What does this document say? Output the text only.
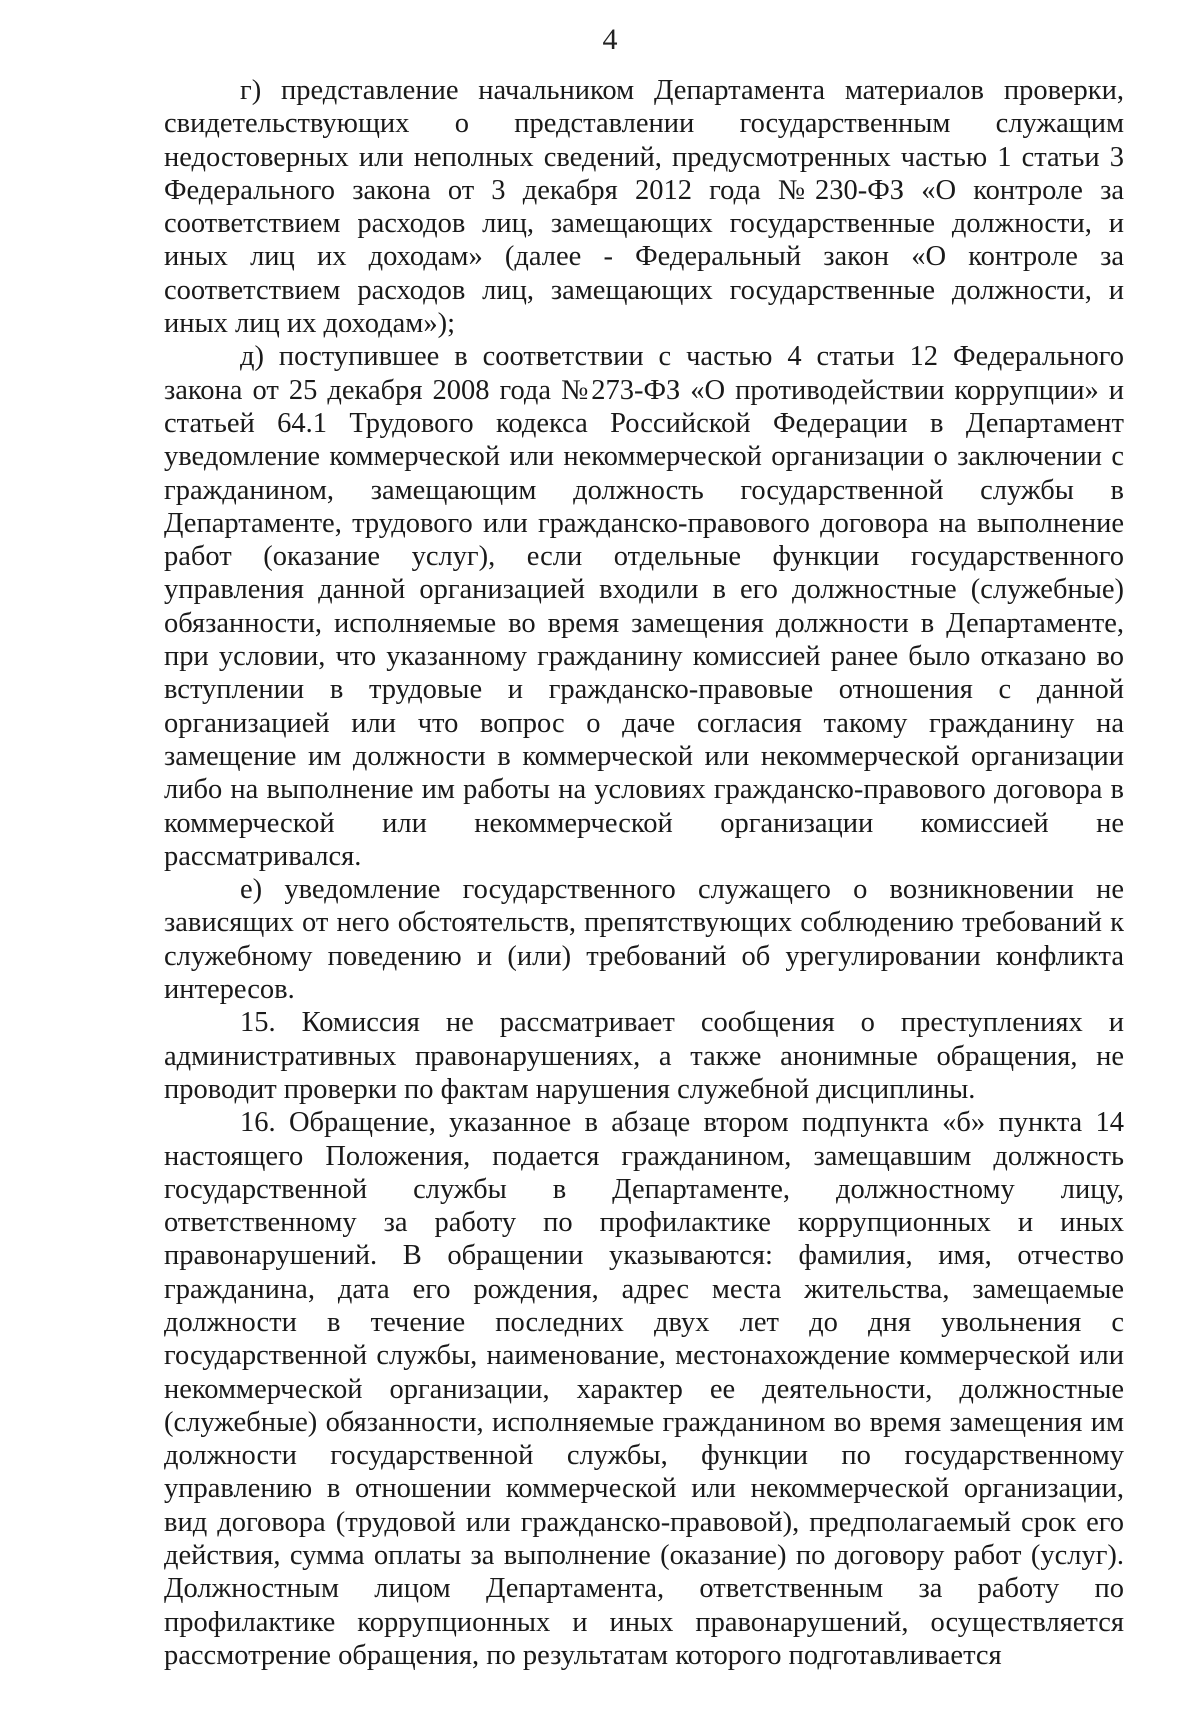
4

г) представление начальником Департамента материалов проверки, свидетельствующих о представлении государственным служащим недостоверных или неполных сведений, предусмотренных частью 1 статьи 3 Федерального закона от 3 декабря 2012 года №230-ФЗ «О контроле за соответствием расходов лиц, замещающих государственные должности, и иных лиц их доходам» (далее - Федеральный закон «О контроле за соответствием расходов лиц, замещающих государственные должности, и иных лиц их доходам»);

д) поступившее в соответствии с частью 4 статьи 12 Федерального закона от 25 декабря 2008 года №273-ФЗ «О противодействии коррупции» и статьей 64.1 Трудового кодекса Российской Федерации в Департамент уведомление коммерческой или некоммерческой организации о заключении с гражданином, замещающим должность государственной службы в Департаменте, трудового или гражданско-правового договора на выполнение работ (оказание услуг), если отдельные функции государственного управления данной организацией входили в его должностные (служебные) обязанности, исполняемые во время замещения должности в Департаменте, при условии, что указанному гражданину комиссией ранее было отказано во вступлении в трудовые и гражданско-правовые отношения с данной организацией или что вопрос о даче согласия такому гражданину на замещение им должности в коммерческой или некоммерческой организации либо на выполнение им работы на условиях гражданско-правового договора в коммерческой или некоммерческой организации комиссией не рассматривался.

е) уведомление государственного служащего о возникновении не зависящих от него обстоятельств, препятствующих соблюдению требований к служебному поведению и (или) требований об урегулировании конфликта интересов.

15. Комиссия не рассматривает сообщения о преступлениях и административных правонарушениях, а также анонимные обращения, не проводит проверки по фактам нарушения служебной дисциплины.

16. Обращение, указанное в абзаце втором подпункта «б» пункта 14 настоящего Положения, подается гражданином, замещавшим должность государственной службы в Департаменте, должностному лицу, ответственному за работу по профилактике коррупционных и иных правонарушений. В обращении указываются: фамилия, имя, отчество гражданина, дата его рождения, адрес места жительства, замещаемые должности в течение последних двух лет до дня увольнения с государственной службы, наименование, местонахождение коммерческой или некоммерческой организации, характер ее деятельности, должностные (служебные) обязанности, исполняемые гражданином во время замещения им должности государственной службы, функции по государственному управлению в отношении коммерческой или некоммерческой организации, вид договора (трудовой или гражданско-правовой), предполагаемый срок его действия, сумма оплаты за выполнение (оказание) по договору работ (услуг). Должностным лицом Департамента, ответственным за работу по профилактике коррупционных и иных правонарушений, осуществляется рассмотрение обращения, по результатам которого подготавливается
